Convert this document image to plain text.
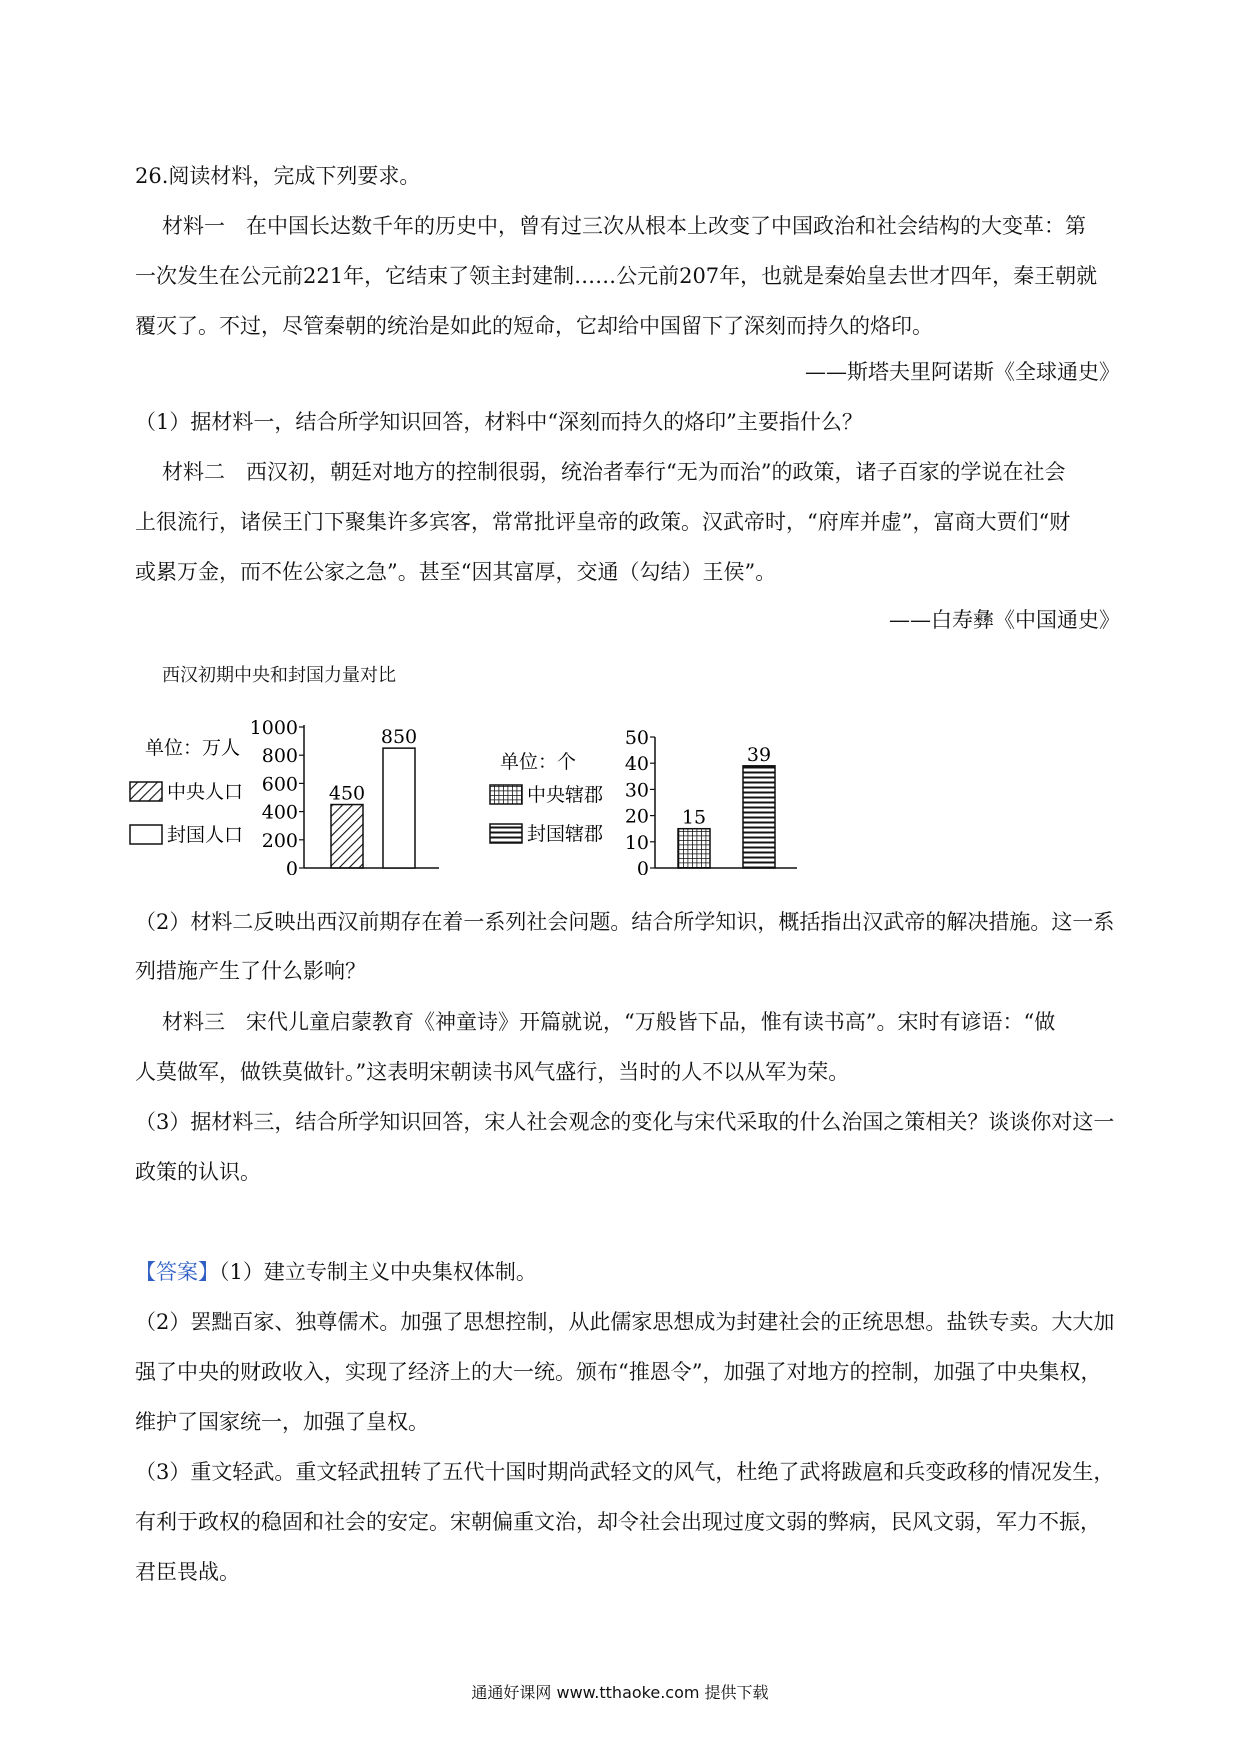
26.阅读材料，完成下列要求。
材料一　在中国长达数千年的历史中，曾有过三次从根本上改变了中国政治和社会结构的大变革：第
一次发生在公元前221年，它结束了领主封建制……公元前207年，也就是秦始皇去世才四年，秦王朝就
覆灭了。不过，尽管秦朝的统治是如此的短命，它却给中国留下了深刻而持久的烙印。
——斯塔夫里阿诺斯《全球通史》
（1）据材料一，结合所学知识回答，材料中“深刻而持久的烙印”主要指什么？
材料二　西汉初，朝廷对地方的控制很弱，统治者奉行“无为而治”的政策，诸子百家的学说在社会
上很流行，诸侯王门下聚集许多宾客，常常批评皇帝的政策。汉武帝时，“府库并虚”，富商大贾们“财
或累万金，而不佐公家之急”。甚至“因其富厚，交通（勾结）王侯”。
——白寿彝《中国通史》
西汉初期中央和封国力量对比
单位：万人
中央人口
封国人口
0
200
400
600
800
1000
450
850
单位：个
中央辖郡
封国辖郡
0
10
20
30
40
50
15
39
（2）材料二反映出西汉前期存在着一系列社会问题。结合所学知识，概括指出汉武帝的解决措施。这一系
列措施产生了什么影响？
材料三　宋代儿童启蒙教育《神童诗》开篇就说，“万般皆下品，惟有读书高”。宋时有谚语：“做
人莫做军，做铁莫做针。”这表明宋朝读书风气盛行，当时的人不以从军为荣。
（3）据材料三，结合所学知识回答，宋人社会观念的变化与宋代采取的什么治国之策相关？谈谈你对这一
政策的认识。
【答案】（1）建立专制主义中央集权体制。
（2）罢黜百家、独尊儒术。加强了思想控制，从此儒家思想成为封建社会的正统思想。盐铁专卖。大大加
强了中央的财政收入，实现了经济上的大一统。颁布“推恩令”，加强了对地方的控制，加强了中央集权，
维护了国家统一，加强了皇权。
（3）重文轻武。重文轻武扭转了五代十国时期尚武轻文的风气，杜绝了武将跋扈和兵变政移的情况发生，
有利于政权的稳固和社会的安定。宋朝偏重文治，却令社会出现过度文弱的弊病，民风文弱，军力不振，
君臣畏战。
通通好课网 www.tthaoke.com 提供下载
